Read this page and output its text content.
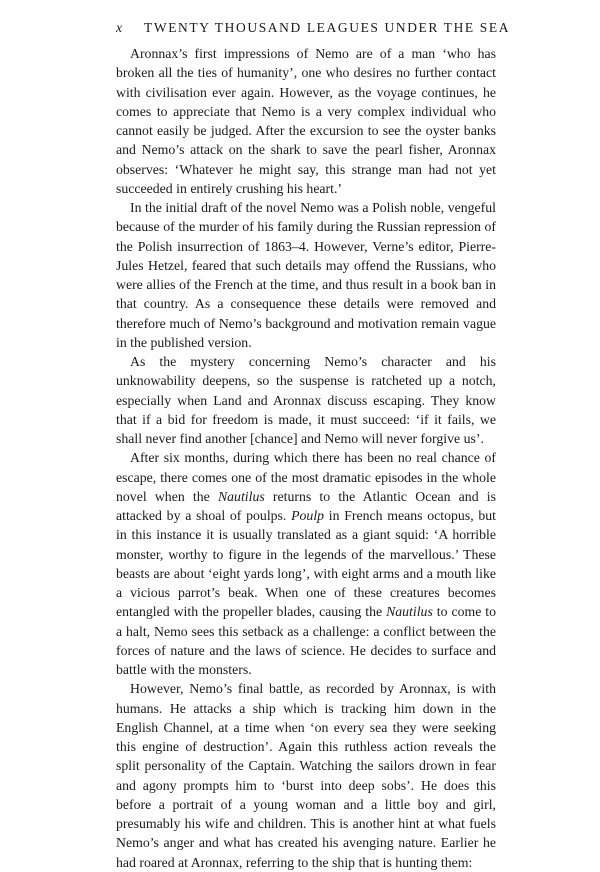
x TWENTY THOUSAND LEAGUES UNDER THE SEA

Aronnax’s first impressions of Nemo are of a man ‘who has broken all the ties of humanity’, one who desires no further contact with civilisation ever again. However, as the voyage continues, he comes to appreciate that Nemo is a very complex individual who cannot easily be judged. After the excursion to see the oyster banks and Nemo’s attack on the shark to save the pearl fisher, Aronnax observes: ‘Whatever he might say, this strange man had not yet succeeded in entirely crushing his heart.’

In the initial draft of the novel Nemo was a Polish noble, vengeful because of the murder of his family during the Russian repression of the Polish insurrection of 1863–4. However, Verne’s editor, Pierre-Jules Hetzel, feared that such details may offend the Russians, who were allies of the French at the time, and thus result in a book ban in that country. As a consequence these details were removed and therefore much of Nemo’s background and motivation remain vague in the published version.

As the mystery concerning Nemo’s character and his unknowability deepens, so the suspense is ratcheted up a notch, especially when Land and Aronnax discuss escaping. They know that if a bid for freedom is made, it must succeed: ‘if it fails, we shall never find another [chance] and Nemo will never forgive us’.

After six months, during which there has been no real chance of escape, there comes one of the most dramatic episodes in the whole novel when the Nautilus returns to the Atlantic Ocean and is attacked by a shoal of poulps. Poulp in French means octopus, but in this instance it is usually translated as a giant squid: ‘A horrible monster, worthy to figure in the legends of the marvellous.’ These beasts are about ‘eight yards long’, with eight arms and a mouth like a vicious parrot’s beak. When one of these creatures becomes entangled with the propeller blades, causing the Nautilus to come to a halt, Nemo sees this setback as a challenge: a conflict between the forces of nature and the laws of science. He decides to surface and battle with the monsters.

However, Nemo’s final battle, as recorded by Aronnax, is with humans. He attacks a ship which is tracking him down in the English Channel, at a time when ‘on every sea they were seeking this engine of destruction’. Again this ruthless action reveals the split personality of the Captain. Watching the sailors drown in fear and agony prompts him to ‘burst into deep sobs’. He does this before a portrait of a young woman and a little boy and girl, presumably his wife and children. This is another hint at what fuels Nemo’s anger and what has created his avenging nature. Earlier he had roared at Aronnax, referring to the ship that is hunting them:
